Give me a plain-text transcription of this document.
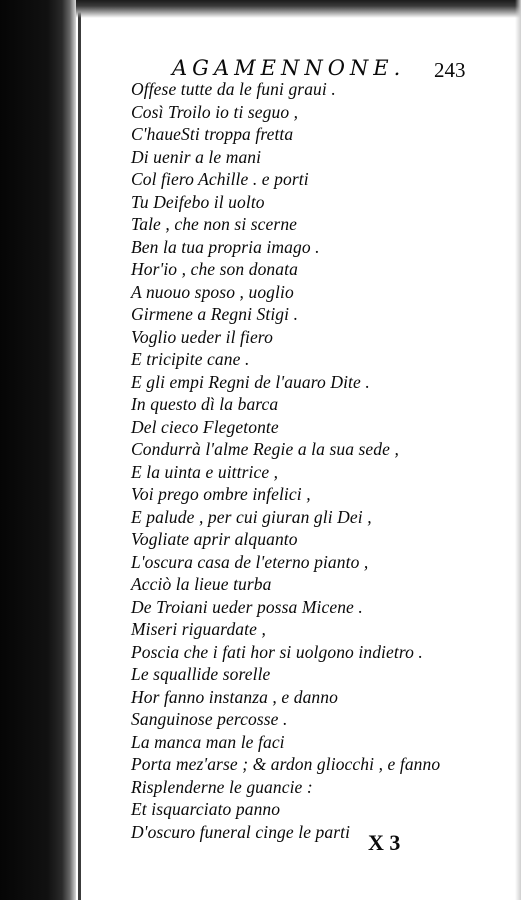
AGAMENNONE. 243
Offese tutte da le funi graui .
Così Troilo io ti seguo ,
C'haueSti troppa fretta
Di uenir a le mani
Col fiero Achille . e porti
Tu Deifebo il uolto
Tale , che non si scerne
Ben la tua propria imago .
Hor'io , che son donata
A nuouo sposo , uoglio
Girmene a Regni Stigi .
Voglio ueder il fiero
E tricipite cane .
E gli empi Regni de l'auaro Dite .
In questo dì la barca
Del cieco Flegetonte
Condurrà l'alme Regie a la sua sede ,
E la uinta e uittrice ,
Voi prego ombre infelici ,
E palude , per cui giuran gli Dei ,
Vogliate aprir alquanto
L'oscura casa de l'eterno pianto ,
Acciò la lieue turba
De Troiani ueder possa Micene .
Miseri riguardate ,
Poscia che i fati hor si uolgono indietro .
Le squallide sorelle
Hor fanno instanza , e danno
Sanguinose percosse .
La manca man le faci
Porta mez'arse ; & ardon gliocchi , e fanno
Risplenderne le guancie :
Et isquarciato panno
D'oscuro funeral cinge le parti X 3
